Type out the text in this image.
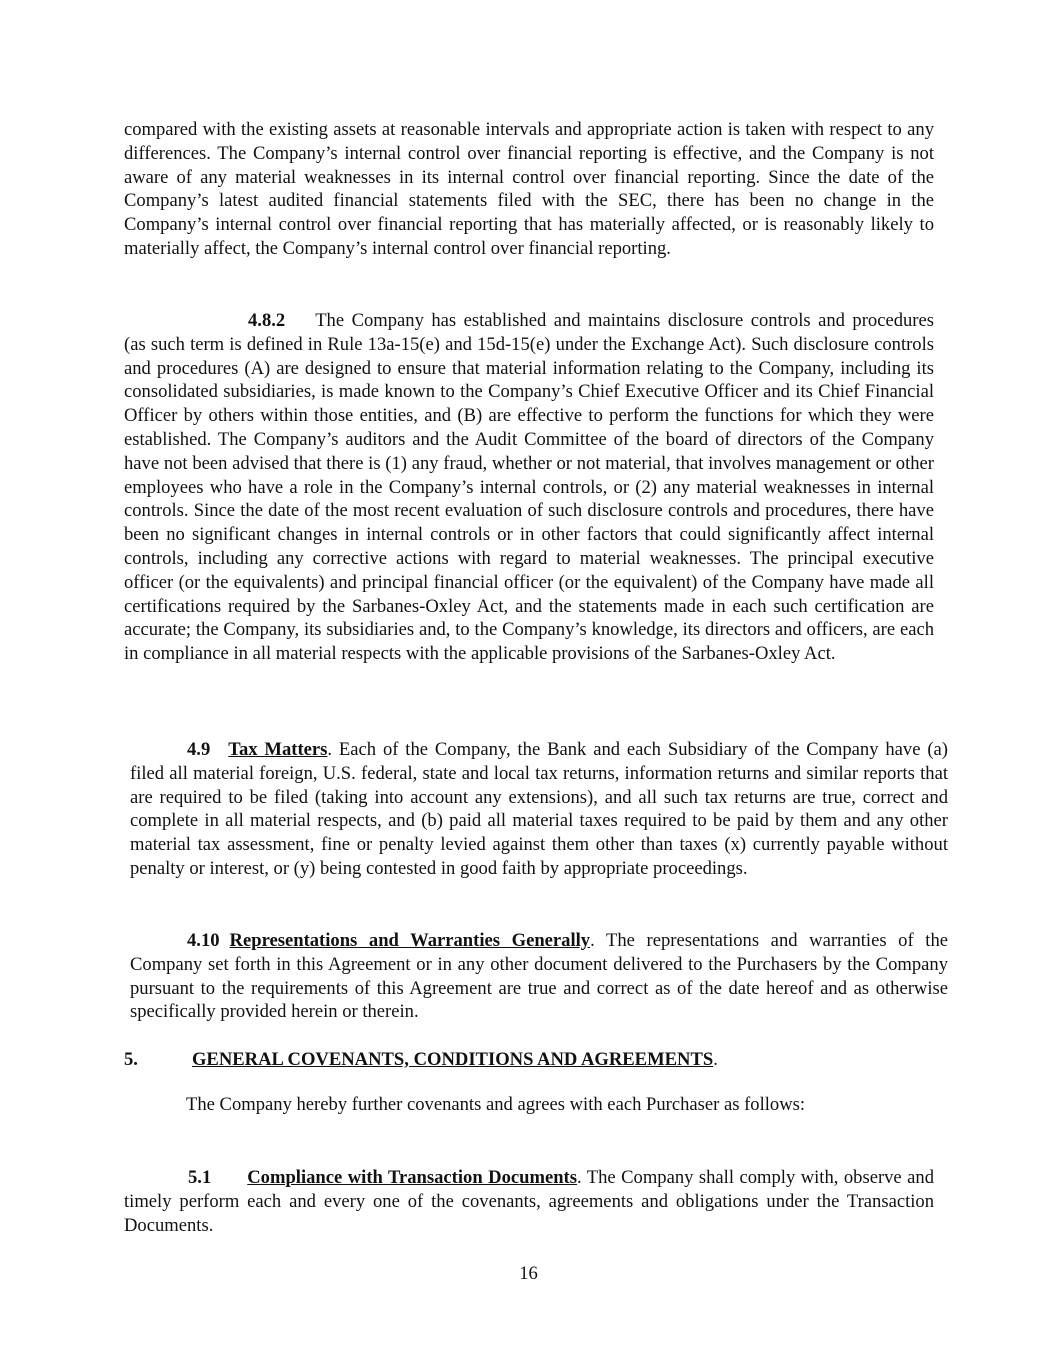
compared with the existing assets at reasonable intervals and appropriate action is taken with respect to any differences. The Company’s internal control over financial reporting is effective, and the Company is not aware of any material weaknesses in its internal control over financial reporting. Since the date of the Company’s latest audited financial statements filed with the SEC, there has been no change in the Company’s internal control over financial reporting that has materially affected, or is reasonably likely to materially affect, the Company’s internal control over financial reporting.

4.8.2 The Company has established and maintains disclosure controls and procedures (as such term is defined in Rule 13a-15(e) and 15d-15(e) under the Exchange Act). Such disclosure controls and procedures (A) are designed to ensure that material information relating to the Company, including its consolidated subsidiaries, is made known to the Company’s Chief Executive Officer and its Chief Financial Officer by others within those entities, and (B) are effective to perform the functions for which they were established. The Company’s auditors and the Audit Committee of the board of directors of the Company have not been advised that there is (1) any fraud, whether or not material, that involves management or other employees who have a role in the Company’s internal controls, or (2) any material weaknesses in internal controls. Since the date of the most recent evaluation of such disclosure controls and procedures, there have been no significant changes in internal controls or in other factors that could significantly affect internal controls, including any corrective actions with regard to material weaknesses. The principal executive officer (or the equivalents) and principal financial officer (or the equivalent) of the Company have made all certifications required by the Sarbanes-Oxley Act, and the statements made in each such certification are accurate; the Company, its subsidiaries and, to the Company’s knowledge, its directors and officers, are each in compliance in all material respects with the applicable provisions of the Sarbanes-Oxley Act.

4.9 Tax Matters. Each of the Company, the Bank and each Subsidiary of the Company have (a) filed all material foreign, U.S. federal, state and local tax returns, information returns and similar reports that are required to be filed (taking into account any extensions), and all such tax returns are true, correct and complete in all material respects, and (b) paid all material taxes required to be paid by them and any other material tax assessment, fine or penalty levied against them other than taxes (x) currently payable without penalty or interest, or (y) being contested in good faith by appropriate proceedings.

4.10 Representations and Warranties Generally. The representations and warranties of the Company set forth in this Agreement or in any other document delivered to the Purchasers by the Company pursuant to the requirements of this Agreement are true and correct as of the date hereof and as otherwise specifically provided herein or therein.

5.	GENERAL COVENANTS, CONDITIONS AND AGREEMENTS.

The Company hereby further covenants and agrees with each Purchaser as follows:

5.1 Compliance with Transaction Documents. The Company shall comply with, observe and timely perform each and every one of the covenants, agreements and obligations under the Transaction Documents.

16
